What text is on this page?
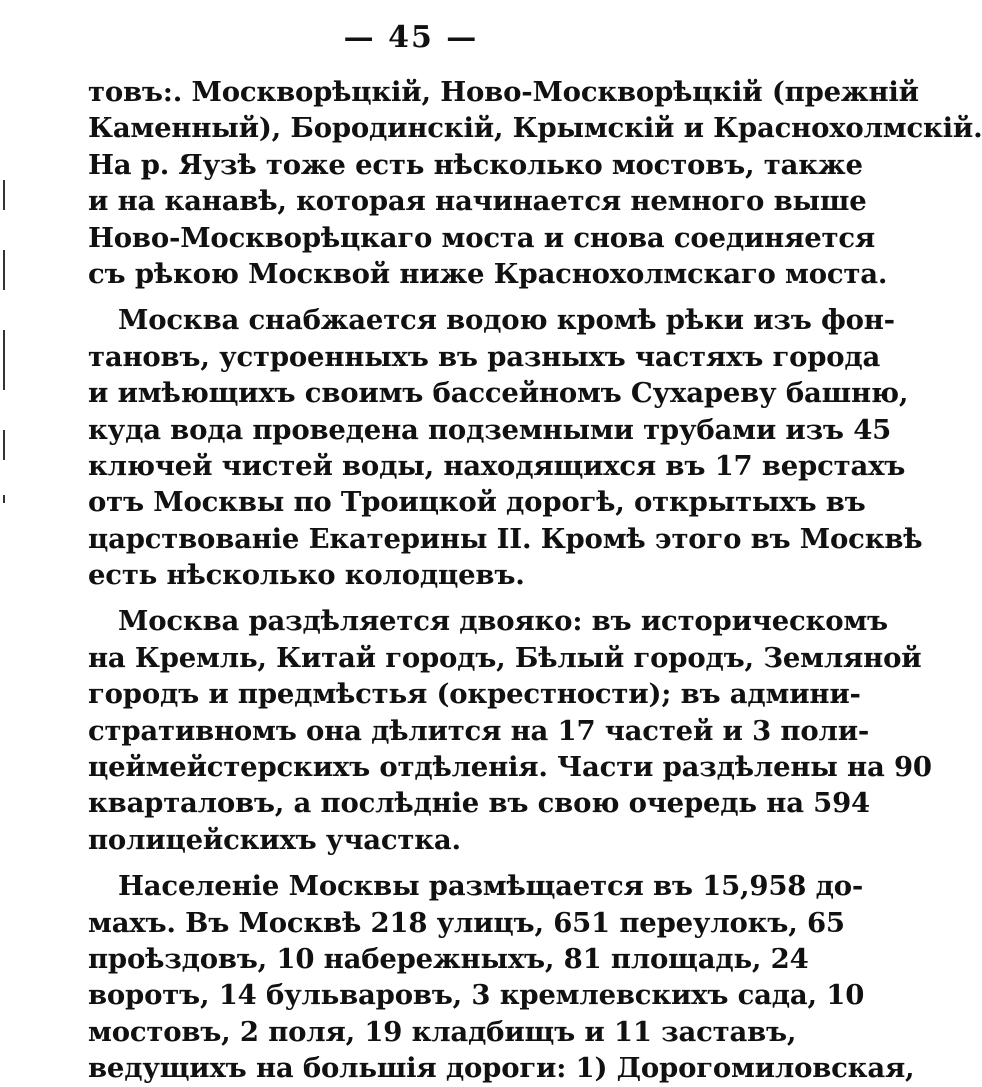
— 45 —
товъ:. Москворѣцкій, Ново-Москворѣцкій (прежній
Каменный), Бородинскій, Крымскій и Краснохолмскій.
На р. Яузѣ тоже есть нѣсколько мостовъ, также
и на канавѣ, которая начинается немного выше
Ново-Москворѣцкаго моста и снова соединяется
съ рѣкою Москвой ниже Краснохолмскаго моста.
Москва снабжается водою кромѣ рѣки изъ фон-
тановъ, устроенныхъ въ разныхъ частяхъ города
и имѣющихъ своимъ бассейномъ Сухареву башню,
куда вода проведена подземными трубами изъ 45
ключей чистей воды, находящихся въ 17 верстахъ
отъ Москвы по Троицкой дорогѣ, открытыхъ въ
царствованіе Екатерины II. Кромѣ этого въ Москвѣ
есть нѣсколько колодцевъ.
Москва раздѣляется двояко: въ историческомъ
на Кремль, Китай городъ, Бѣлый городъ, Земляной
городъ и предмѣстья (окрестности); въ админи-
стративномъ она дѣлится на 17 частей и 3 поли-
цеймейстерскихъ отдѣленія. Части раздѣлены на 90
кварталовъ, а послѣдніе въ свою очередь на 594
полицейскихъ участка.
Населеніе Москвы размѣщается въ 15,958 до-
махъ. Въ Москвѣ 218 улицъ, 651 переулокъ, 65
проѣздовъ, 10 набережныхъ, 81 площадь, 24
воротъ, 14 бульваровъ, 3 кремлевскихъ сада, 10
мостовъ, 2 поля, 19 кладбищъ и 11 заставъ,
ведущихъ на большія дороги: 1) Дорогомиловская,
